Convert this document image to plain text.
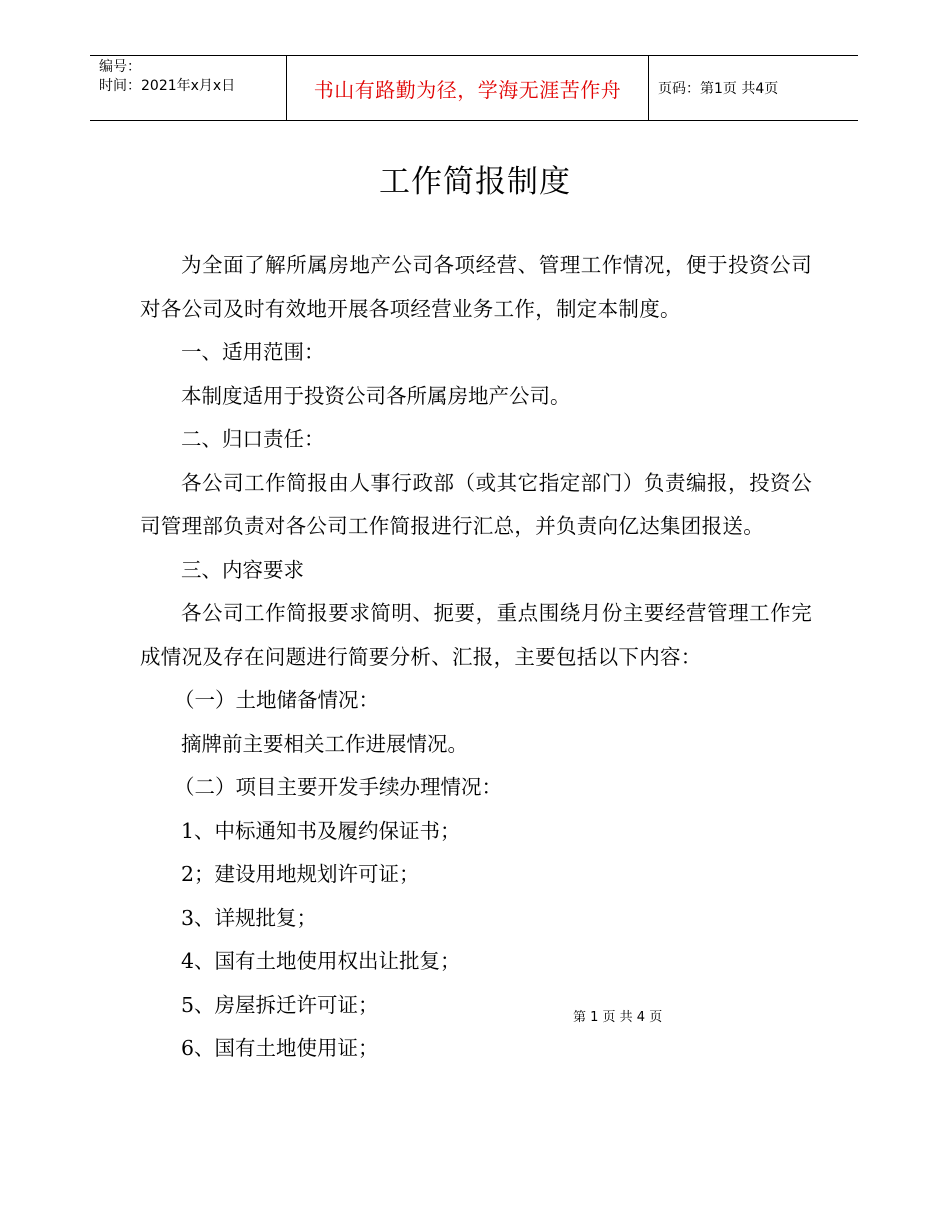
编号：
时间：2021年x月x日	书山有路勤为径，学海无涯苦作舟	页码：第1页 共4页
工作简报制度

为全面了解所属房地产公司各项经营、管理工作情况，便于投资公司对各公司及时有效地开展各项经营业务工作，制定本制度。

一、适用范围：

本制度适用于投资公司各所属房地产公司。

二、归口责任：

各公司工作简报由人事行政部（或其它指定部门）负责编报，投资公司管理部负责对各公司工作简报进行汇总，并负责向亿达集团报送。

三、内容要求

各公司工作简报要求简明、扼要，重点围绕月份主要经营管理工作完成情况及存在问题进行简要分析、汇报，主要包括以下内容：

（一）土地储备情况：

摘牌前主要相关工作进展情况。

（二）项目主要开发手续办理情况：

1、中标通知书及履约保证书；

2；建设用地规划许可证；

3、详规批复；

4、国有土地使用权出让批复；

5、房屋拆迁许可证；

6、国有土地使用证；

第 1 页 共 4 页
